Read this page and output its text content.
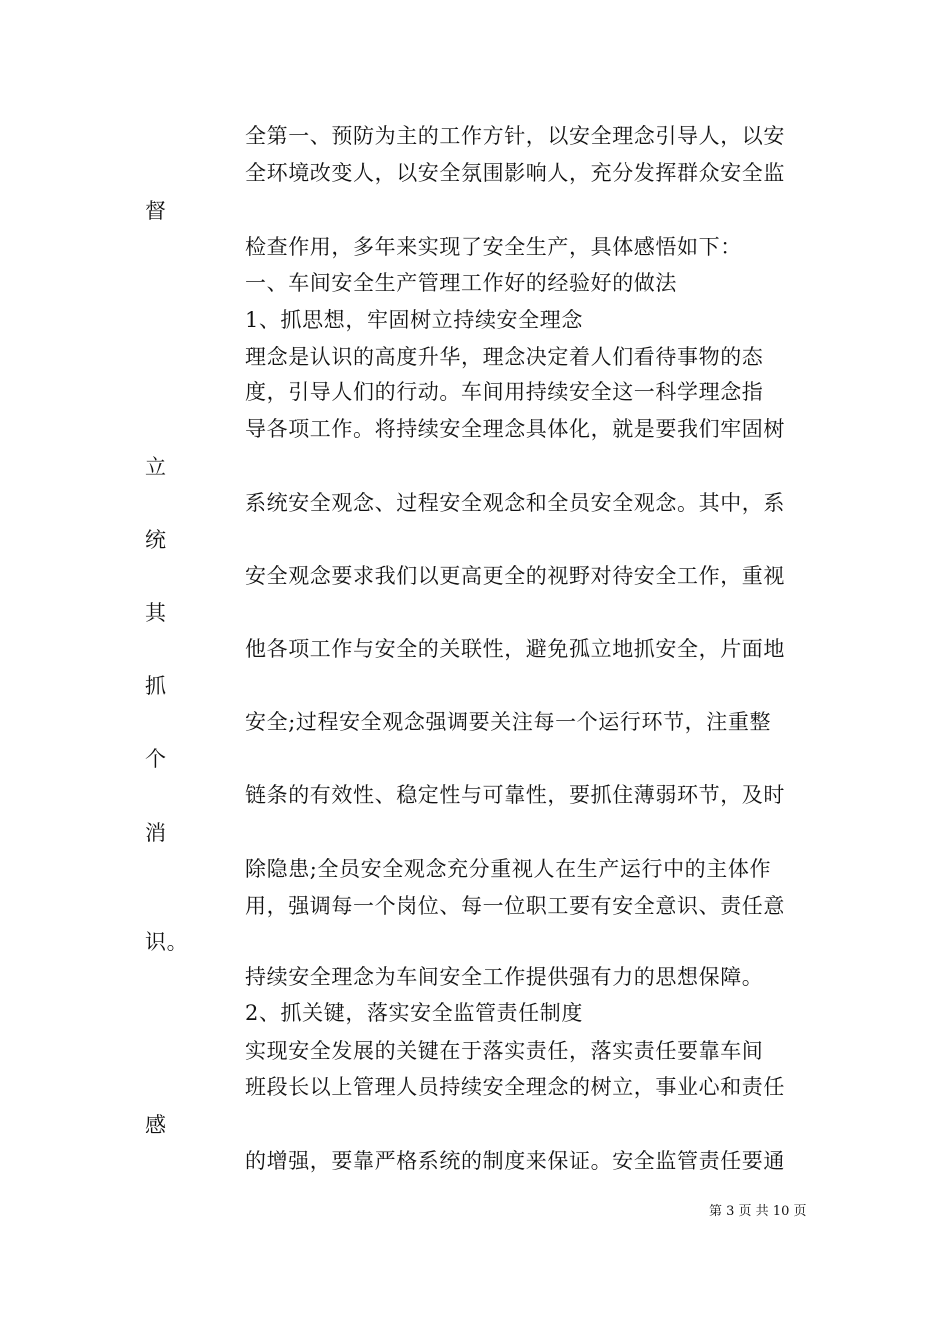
全第一、预防为主的工作方针，以安全理念引导人，以安
全环境改变人，以安全氛围影响人，充分发挥群众安全监
督
检查作用，多年来实现了安全生产，具体感悟如下：
一、车间安全生产管理工作好的经验好的做法
1、抓思想，牢固树立持续安全理念
理念是认识的高度升华，理念决定着人们看待事物的态
度，引导人们的行动。车间用持续安全这一科学理念指
导各项工作。将持续安全理念具体化，就是要我们牢固树
立
系统安全观念、过程安全观念和全员安全观念。其中，系
统
安全观念要求我们以更高更全的视野对待安全工作，重视
其
他各项工作与安全的关联性，避免孤立地抓安全，片面地
抓
安全;过程安全观念强调要关注每一个运行环节，注重整
个
链条的有效性、稳定性与可靠性，要抓住薄弱环节，及时
消
除隐患;全员安全观念充分重视人在生产运行中的主体作
用，强调每一个岗位、每一位职工要有安全意识、责任意
识。
持续安全理念为车间安全工作提供强有力的思想保障。
2、抓关键，落实安全监管责任制度
实现安全发展的关键在于落实责任，落实责任要靠车间
班段长以上管理人员持续安全理念的树立，事业心和责任
感
的增强，要靠严格系统的制度来保证。安全监管责任要通
第 3 页 共 10 页
